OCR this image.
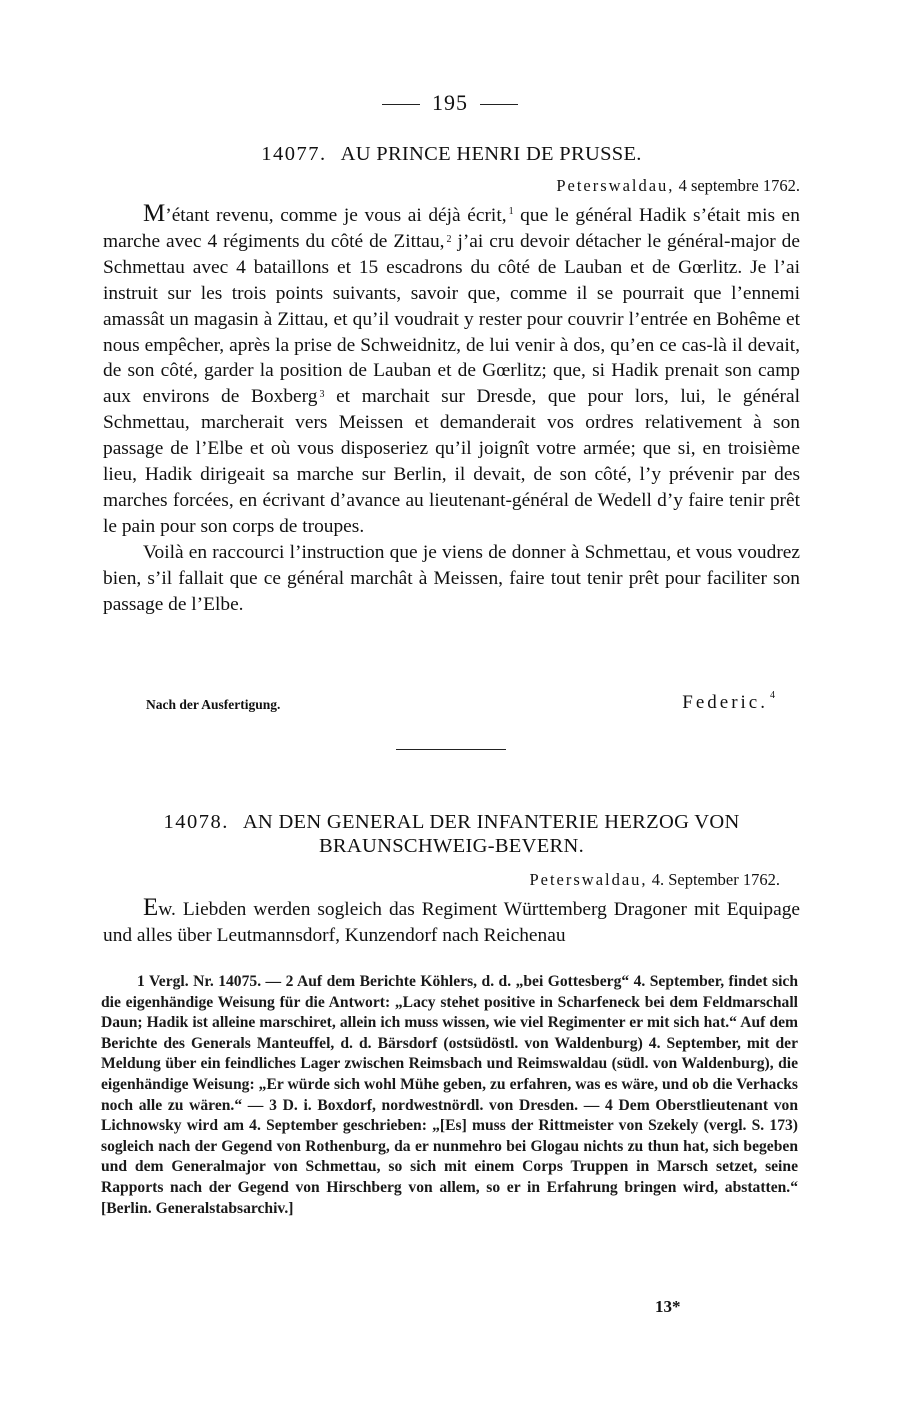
195
14077. AU PRINCE HENRI DE PRUSSE.
Peterswaldau, 4 septembre 1762.

M’étant revenu, comme je vous ai déjà écrit, $^1$ que le général Hadik s’était mis en marche avec 4 régiments du côté de Zittau, $^2$ j’ai cru devoir détacher le général-major de Schmettau avec 4 bataillons et 15 escadrons du côté de Lauban et de Gœrlitz. Je l’ai instruit sur les trois points suivants, savoir que, comme il se pourrait que l’ennemi amassât un magasin à Zittau, et qu’il voudrait y rester pour couvrir l’entrée en Bohême et nous empêcher, après la prise de Schweidnitz, de lui venir à dos, qu’en ce cas-là il devait, de son côté, garder la position de Lauban et de Gœrlitz; que, si Hadik prenait son camp aux environs de Boxberg $^3$ et marchait sur Dresde, que pour lors, lui, le général Schmettau, marcherait vers Meissen et demanderait vos ordres relativement à son passage de l’Elbe et où vous disposeriez qu’il joignît votre armée; que si, en troisième lieu, Hadik dirigeait sa marche sur Berlin, il devait, de son côté, l’y prévenir par des marches forcées, en écrivant d’avance au lieutenant-général de Wedell d’y faire tenir prêt le pain pour son corps de troupes.

Voilà en raccourci l’instruction que je viens de donner à Schmettau, et vous voudrez bien, s’il fallait que ce général marchât à Meissen, faire tout tenir prêt pour faciliter son passage de l’Elbe.

Nach der Ausfertigung.	Federic. $^4$
14078. AN DEN GENERAL DER INFANTERIE HERZOG VON
BRAUNSCHWEIG-BEVERN.
Peterswaldau, 4. September 1762.

Ew. Liebden werden sogleich das Regiment Württemberg Dragoner mit Equipage und alles über Leutmannsdorf, Kunzendorf nach Reichenau

1 Vergl. Nr. 14075. — 2 Auf dem Berichte Köhlers, d. d. „bei Gottesberg“ 4. September, findet sich die eigenhändige Weisung für die Antwort: „Lacy stehet positive in Scharfeneck bei dem Feldmarschall Daun; Hadik ist alleine marschiret, allein ich muss wissen, wie viel Regimenter er mit sich hat.“ Auf dem Berichte des Generals Manteuffel, d. d. Bärsdorf (ostsüdöstl. von Waldenburg) 4. September, mit der Meldung über ein feindliches Lager zwischen Reimsbach und Reimswaldau (südl. von Waldenburg), die eigenhändige Weisung: „Er würde sich wohl Mühe geben, zu erfahren, was es wäre, und ob die Verhacks noch alle zu wären.“ — 3 D. i. Boxdorf, nordwestnördl. von Dresden. — 4 Dem Oberstlieutenant von Lichnowsky wird am 4. September geschrieben: „[Es] muss der Rittmeister von Szekely (vergl. S. 173) sogleich nach der Gegend von Rothenburg, da er nunmehro bei Glogau nichts zu thun hat, sich begeben und dem Generalmajor von Schmettau, so sich mit einem Corps Truppen in Marsch setzet, seine Rapports nach der Gegend von Hirschberg von allem, so er in Erfahrung bringen wird, abstatten.“ [Berlin. Generalstabsarchiv.]
13*
